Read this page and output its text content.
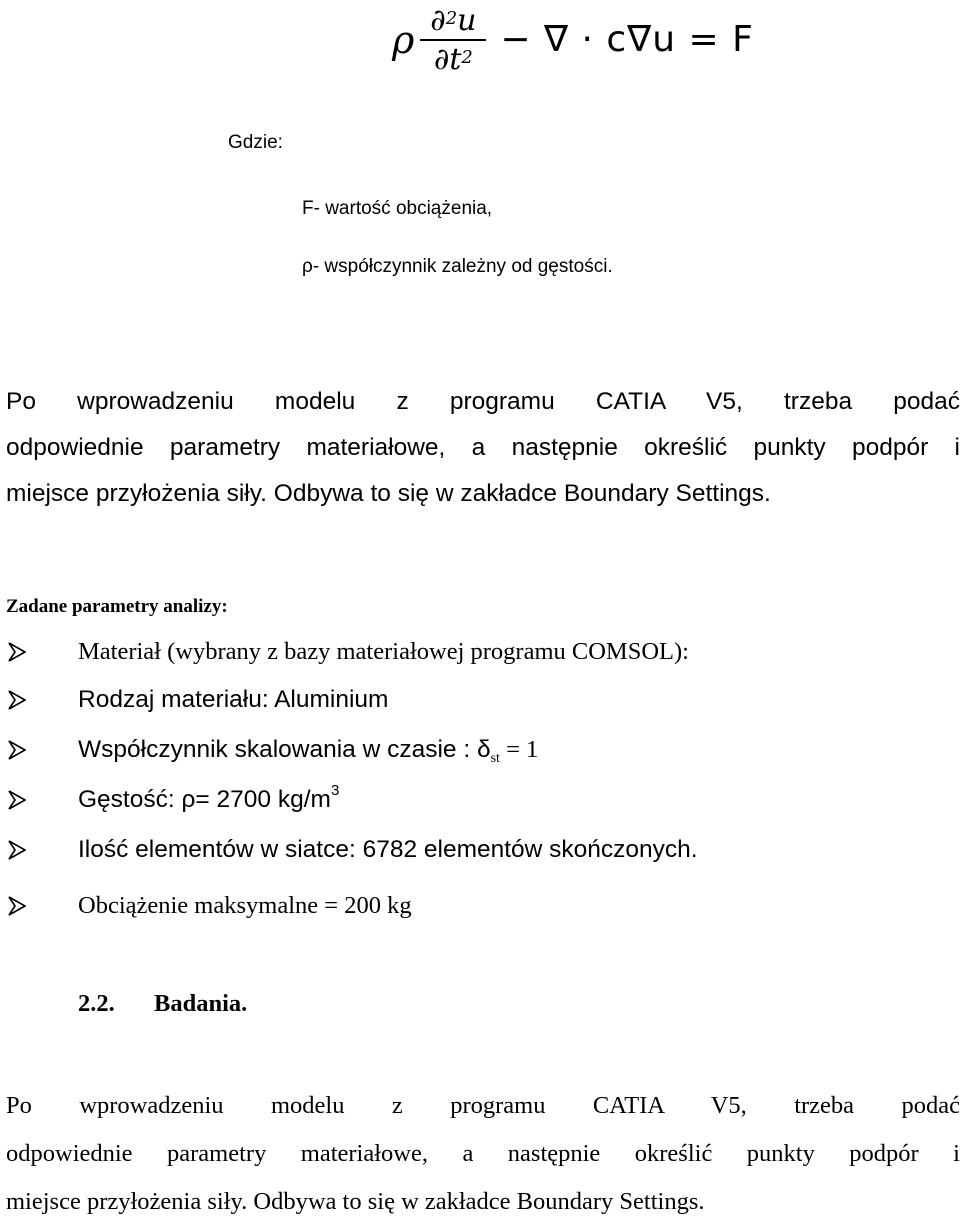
ρ $\frac{\partial^2u}{\partial t^2}$ − ∇ · c∇u = F
Gdzie:
F- wartość obciążenia,
ρ- współczynnik zależny od gęstości.
Po wprowadzeniu modelu z programu CATIA V5, trzeba podać
odpowiednie parametry materiałowe, a następnie określić punkty podpór i
miejsce przyłożenia siły. Odbywa to się w zakładce Boundary Settings.
Zadane parametry analizy:
Materiał (wybrany z bazy materiałowej programu COMSOL):
Rodzaj materiału: Aluminium
Współczynnik skalowania w czasie : $\delta_{st} = 1$
Gęstość: ρ= 2700 $kg/m^3$
Ilość elementów w siatce: 6782 elementów skończonych.
Obciążenie maksymalne = 200 kg
2.2. Badania.
Po wprowadzeniu modelu z programu CATIA V5, trzeba podać
odpowiednie parametry materiałowe, a następnie określić punkty podpór i
miejsce przyłożenia siły. Odbywa to się w zakładce Boundary Settings.
